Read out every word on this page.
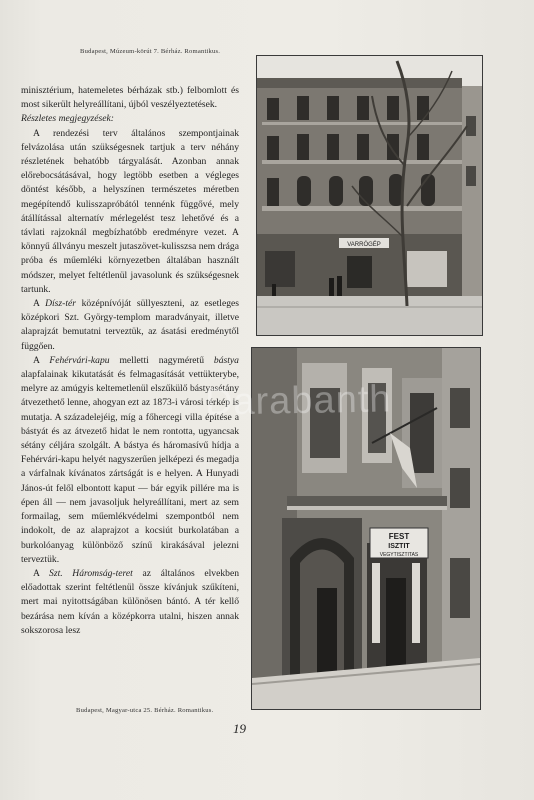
Budapest, Múzeum-körút 7. Bérház. Romantikus.

minisztérium, hatemeletes bérházak stb.) felbomlott és most sikerült helyreállítani, újból veszélyeztetések.

Részletes megjegyzések:

A rendezési terv általános szempontjainak felvázolása után szükségesnek tartjuk a terv néhány részletének behatóbb tárgyalását. Azonban annak előrebocsátásával, hogy legtöbb esetben a végleges döntést később, a helyszínen természetes méretben megépítendő kulisszapróbától tennénk függővé, mely átállítással alternatív mérlegelést tesz lehetővé és a távlati rajzoknál megbízhatóbb eredményre vezet. A könnyű állványu meszelt jutaszövet-kulisszsa nem drága próba és műemléki környezetben általában használt módszer, melyet feltétlenül javasolunk és szükségesnek tartunk.

A Dísz-tér középnívóját süllyeszteni, az esetleges középkori Szt. György-templom maradványait, illetve alaprajzát bemutatni terveztük, az ásatási eredménytől függően.

A Fehérvári-kapu melletti nagyméretű bástya alapfalainak kikutatását és felmagasítását vettükterybe, melyre az amúgyis keltemetlenül elszűkülő bástyasétány átvezethető lenne, ahogyan ezt az 1873-i városi térkép is mutatja. A századelejéig, míg a főhercegi villa építése a bástyát és az átvezető hidat le nem rontotta, ugyancsak sétány céljára szolgált. A bástya és háromasívű hídja a Fehérvári-kapu helyét nagyszerűen jelképezi és megadja a várfalnak kívánatos zártságát is e helyen. A Hunyadi János-út felől elbontott kaput — bár egyik pillére ma is épen áll — nem javasoljuk helyreállítani, mert az sem formailag, sem műemlékvédelmi szempontból nem indokolt, de az alaprajzot a kocsiút burkolatában a burkolóanyag különböző színű kirakásával jelezni terveztük.

A Szt. Háromság-teret az általános elvekben előadottak szerint feltétlenül össze kívánjuk szűkíteni, mert mai nyitottságában különösen bántó. A tér kellő bezárása nem kíván a középkorra utalni, hiszen annak sokszorosa lesz

VARRÓGÉP
FEST
ISZTIT
VEGYTISZTITAS
Darabanth
Budapest, Magyar-utca 25. Bérház. Romantikus.
19
